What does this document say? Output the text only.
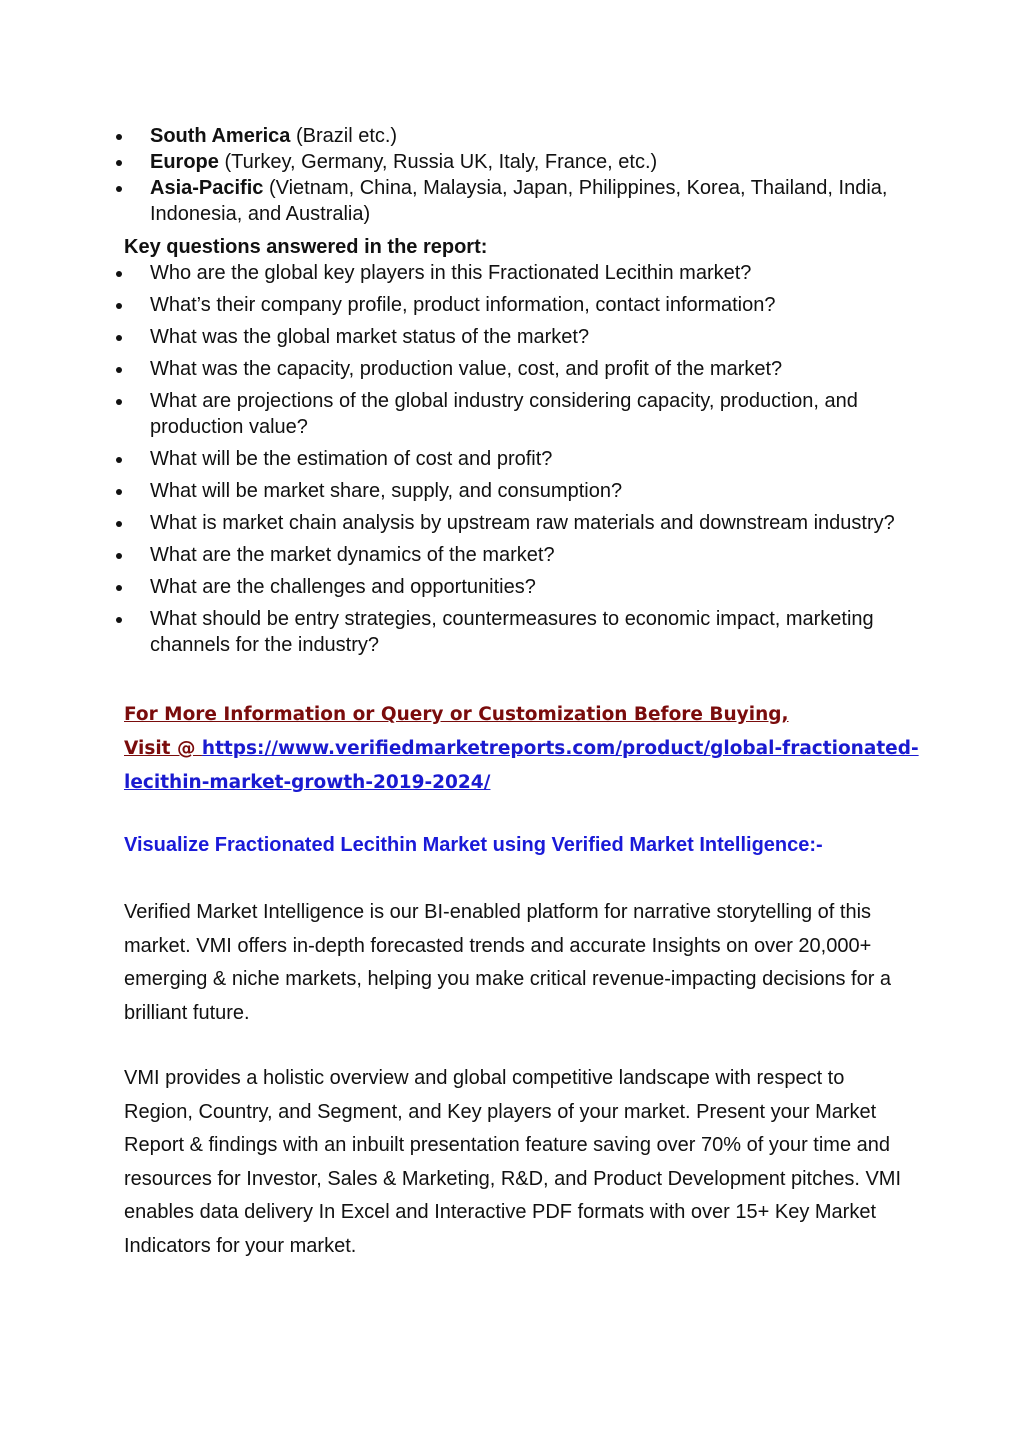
South America (Brazil etc.)
Europe (Turkey, Germany, Russia UK, Italy, France, etc.)
Asia-Pacific (Vietnam, China, Malaysia, Japan, Philippines, Korea, Thailand, India, Indonesia, and Australia)
Key questions answered in the report:
Who are the global key players in this Fractionated Lecithin market?
What’s their company profile, product information, contact information?
What was the global market status of the market?
What was the capacity, production value, cost, and profit of the market?
What are projections of the global industry considering capacity, production, and production value?
What will be the estimation of cost and profit?
What will be market share, supply, and consumption?
What is market chain analysis by upstream raw materials and downstream industry?
What are the market dynamics of the market?
What are the challenges and opportunities?
What should be entry strategies, countermeasures to economic impact, marketing channels for the industry?
For More Information or Query or Customization Before Buying,
Visit @ https://www.verifiedmarketreports.com/product/global-fractionated-lecithin-market-growth-2019-2024/
Visualize Fractionated Lecithin Market using Verified Market Intelligence:-

Verified Market Intelligence is our BI-enabled platform for narrative storytelling of this market. VMI offers in-depth forecasted trends and accurate Insights on over 20,000+ emerging & niche markets, helping you make critical revenue-impacting decisions for a brilliant future.

VMI provides a holistic overview and global competitive landscape with respect to Region, Country, and Segment, and Key players of your market. Present your Market Report & findings with an inbuilt presentation feature saving over 70% of your time and resources for Investor, Sales & Marketing, R&D, and Product Development pitches. VMI enables data delivery In Excel and Interactive PDF formats with over 15+ Key Market Indicators for your market.
